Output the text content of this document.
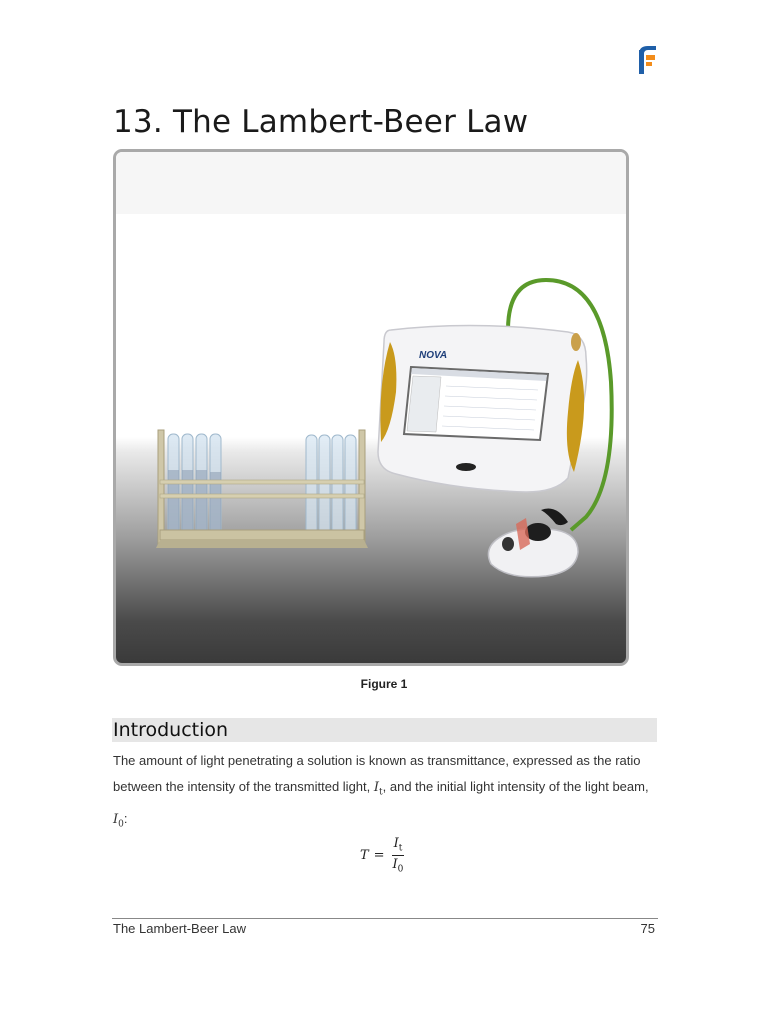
13. The Lambert-Beer Law
NOVA
Figure 1
Introduction

The amount of light penetrating a solution is known as transmittance, expressed as the ratio between the intensity of the transmitted light, $I_t$, and the initial light intensity of the light beam, $I_0$:

$T = \frac{I_t}{I_0}$
The Lambert-Beer Law	75
